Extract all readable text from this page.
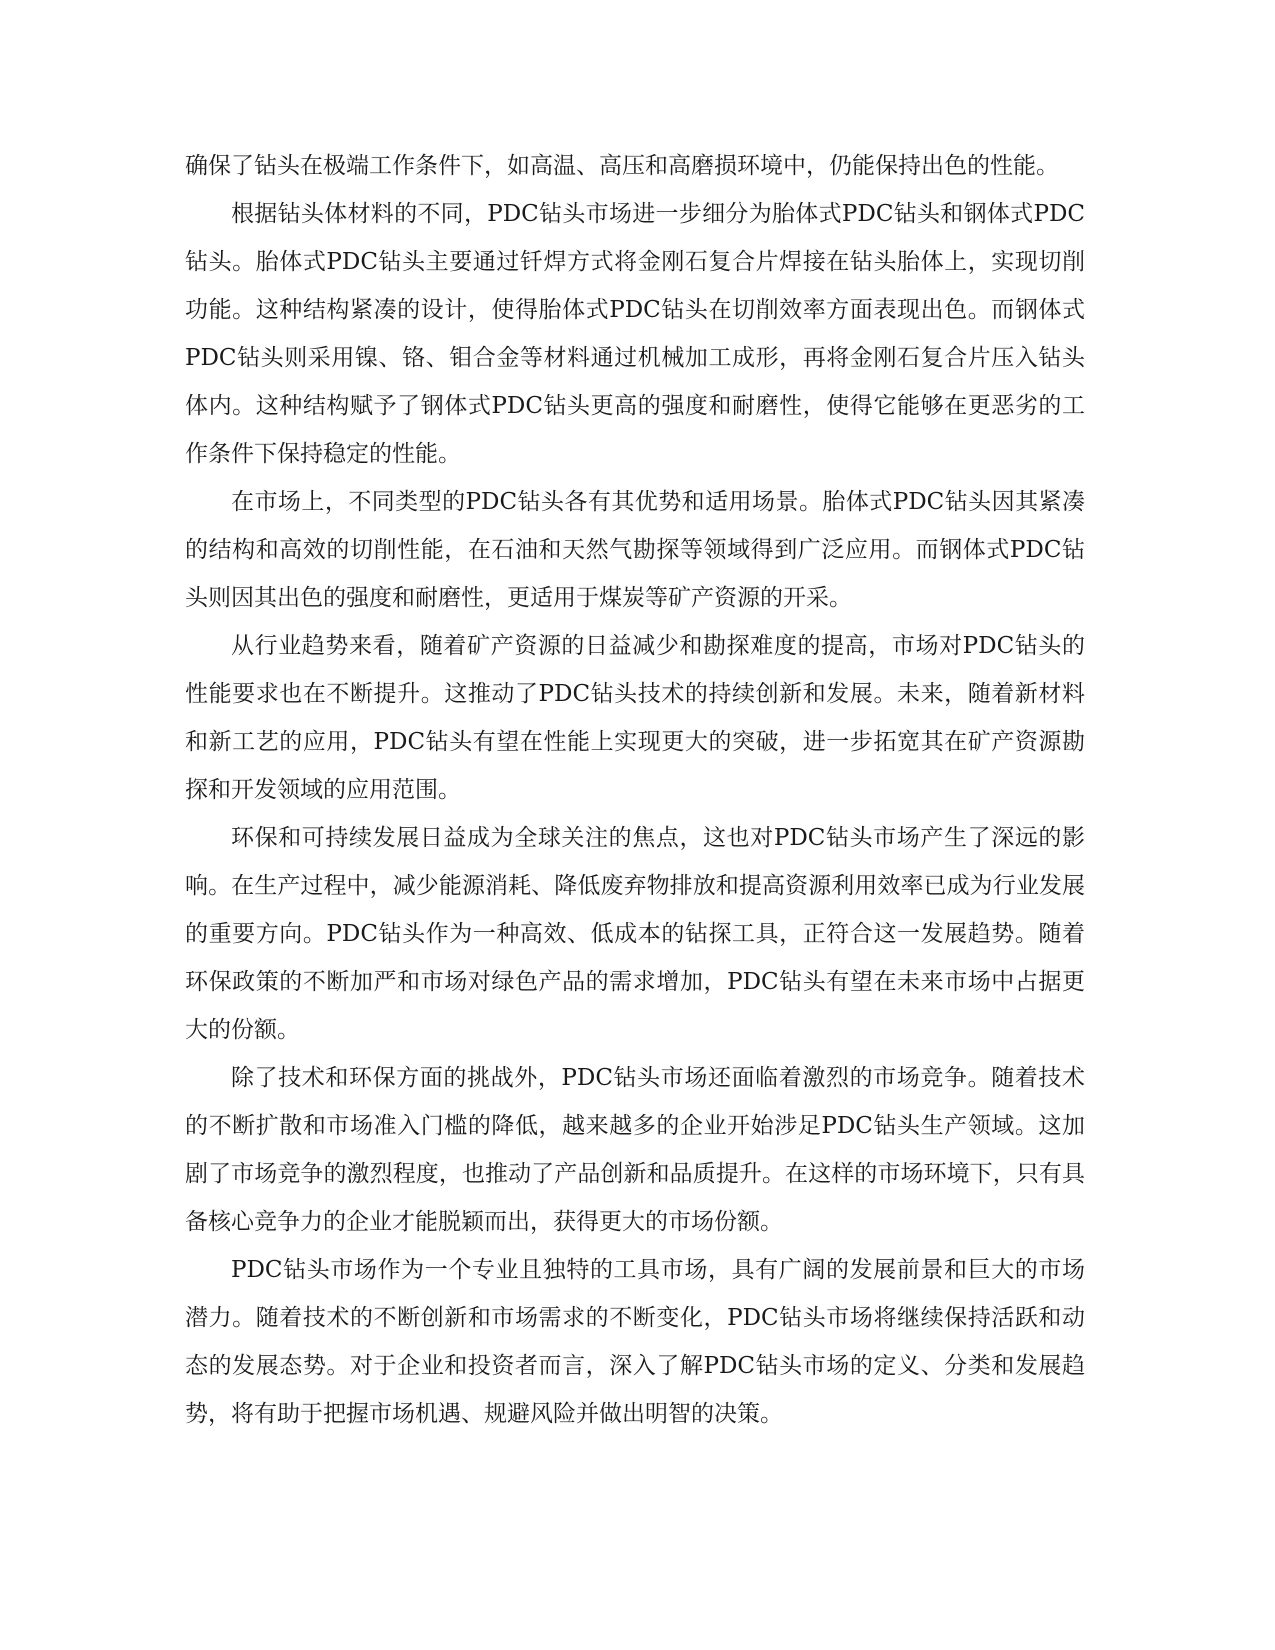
确保了钻头在极端工作条件下，如高温、高压和高磨损环境中，仍能保持出色的性能。

根据钻头体材料的不同，PDC钻头市场进一步细分为胎体式PDC钻头和钢体式PDC钻头。胎体式PDC钻头主要通过钎焊方式将金刚石复合片焊接在钻头胎体上，实现切削功能。这种结构紧凑的设计，使得胎体式PDC钻头在切削效率方面表现出色。而钢体式PDC钻头则采用镍、铬、钼合金等材料通过机械加工成形，再将金刚石复合片压入钻头体内。这种结构赋予了钢体式PDC钻头更高的强度和耐磨性，使得它能够在更恶劣的工作条件下保持稳定的性能。

在市场上，不同类型的PDC钻头各有其优势和适用场景。胎体式PDC钻头因其紧凑的结构和高效的切削性能，在石油和天然气勘探等领域得到广泛应用。而钢体式PDC钻头则因其出色的强度和耐磨性，更适用于煤炭等矿产资源的开采。

从行业趋势来看，随着矿产资源的日益减少和勘探难度的提高，市场对PDC钻头的性能要求也在不断提升。这推动了PDC钻头技术的持续创新和发展。未来，随着新材料和新工艺的应用，PDC钻头有望在性能上实现更大的突破，进一步拓宽其在矿产资源勘探和开发领域的应用范围。

环保和可持续发展日益成为全球关注的焦点，这也对PDC钻头市场产生了深远的影响。在生产过程中，减少能源消耗、降低废弃物排放和提高资源利用效率已成为行业发展的重要方向。PDC钻头作为一种高效、低成本的钻探工具，正符合这一发展趋势。随着环保政策的不断加严和市场对绿色产品的需求增加，PDC钻头有望在未来市场中占据更大的份额。

除了技术和环保方面的挑战外，PDC钻头市场还面临着激烈的市场竞争。随着技术的不断扩散和市场准入门槛的降低，越来越多的企业开始涉足PDC钻头生产领域。这加剧了市场竞争的激烈程度，也推动了产品创新和品质提升。在这样的市场环境下，只有具备核心竞争力的企业才能脱颖而出，获得更大的市场份额。

PDC钻头市场作为一个专业且独特的工具市场，具有广阔的发展前景和巨大的市场潜力。随着技术的不断创新和市场需求的不断变化，PDC钻头市场将继续保持活跃和动态的发展态势。对于企业和投资者而言，深入了解PDC钻头市场的定义、分类和发展趋势，将有助于把握市场机遇、规避风险并做出明智的决策。
